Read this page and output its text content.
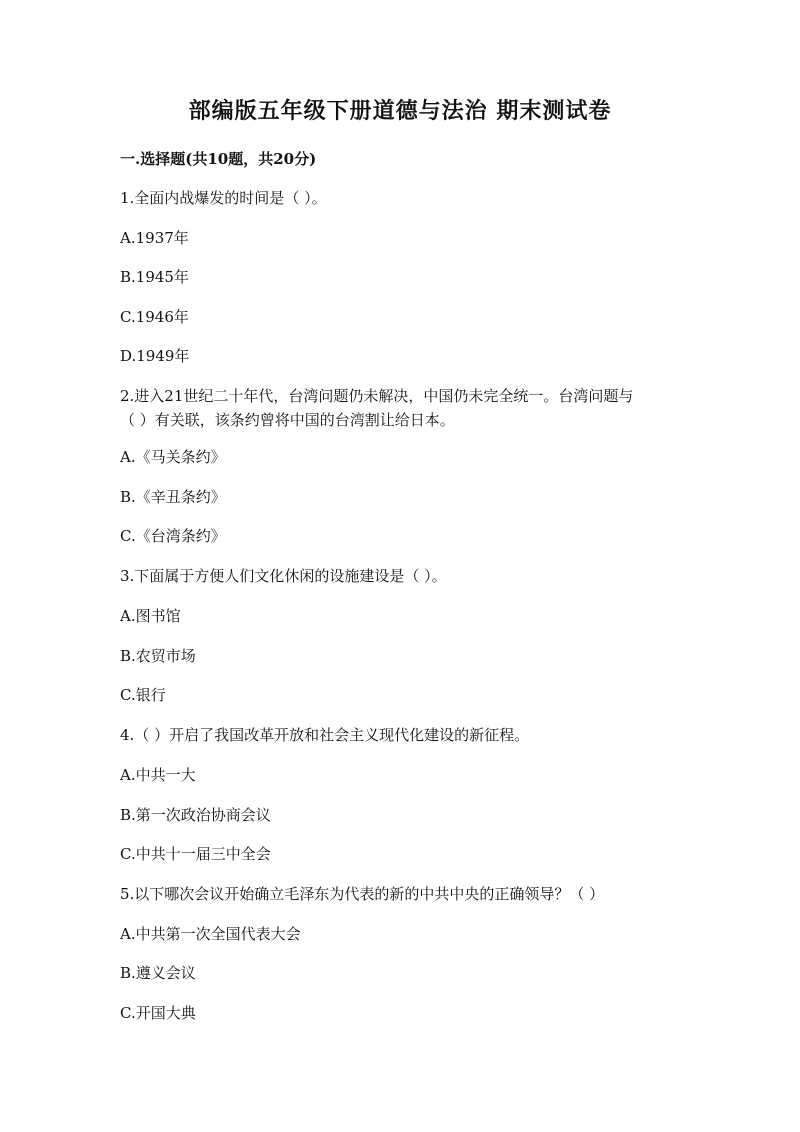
部编版五年级下册道德与法治 期末测试卷
一.选择题(共10题，共20分)
1.全面内战爆发的时间是（ ）。
A.1937年
B.1945年
C.1946年
D.1949年
2.进入21世纪二十年代，台湾问题仍未解决，中国仍未完全统一。台湾问题与
（ ）有关联，该条约曾将中国的台湾割让给日本。
A.《马关条约》
B.《辛丑条约》
C.《台湾条约》
3.下面属于方便人们文化休闲的设施建设是（ ）。
A.图书馆
B.农贸市场
C.银行
4.（ ）开启了我国改革开放和社会主义现代化建设的新征程。
A.中共一大
B.第一次政治协商会议
C.中共十一届三中全会
5.以下哪次会议开始确立毛泽东为代表的新的中共中央的正确领导？（ ）
A.中共第一次全国代表大会
B.遵义会议
C.开国大典
